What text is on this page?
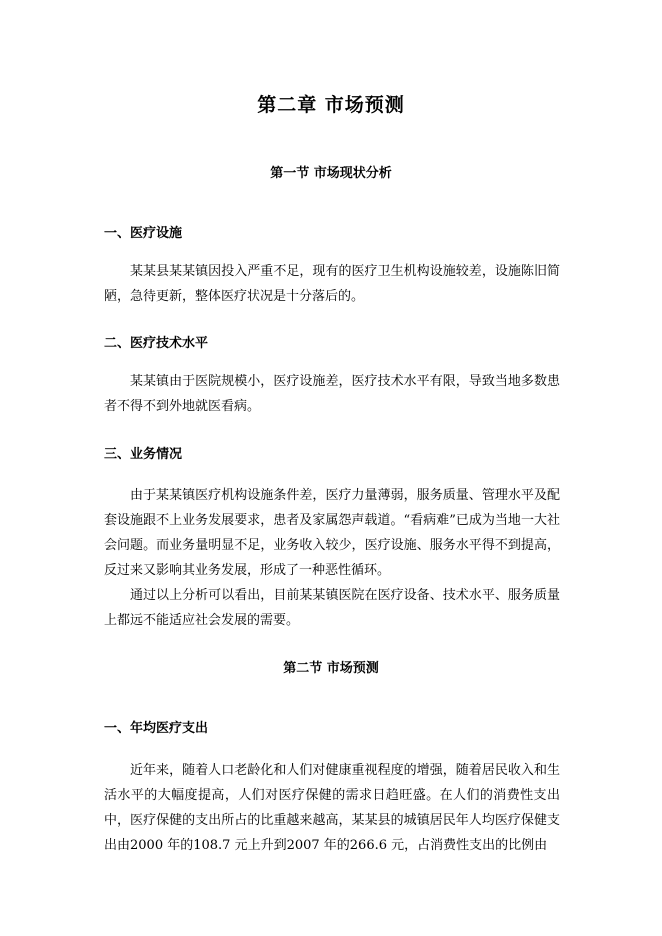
第二章 市场预测
第一节 市场现状分析
一、医疗设施

某某县某某镇因投入严重不足，现有的医疗卫生机构设施较差，设施陈旧简陋，急待更新，整体医疗状况是十分落后的。

二、医疗技术水平

某某镇由于医院规模小，医疗设施差，医疗技术水平有限，导致当地多数患者不得不到外地就医看病。

三、业务情况

由于某某镇医疗机构设施条件差，医疗力量薄弱，服务质量、管理水平及配套设施跟不上业务发展要求，患者及家属怨声载道。“看病难”已成为当地一大社会问题。而业务量明显不足，业务收入较少，医疗设施、服务水平得不到提高，反过来又影响其业务发展，形成了一种恶性循环。

通过以上分析可以看出，目前某某镇医院在医疗设备、技术水平、服务质量上都远不能适应社会发展的需要。

第二节 市场预测
一、年均医疗支出

近年来，随着人口老龄化和人们对健康重视程度的增强，随着居民收入和生活水平的大幅度提高，人们对医疗保健的需求日趋旺盛。在人们的消费性支出中，医疗保健的支出所占的比重越来越高，某某县的城镇居民年人均医疗保健支出由2000 年的108.7 元上升到2007 年的266.6 元，占消费性支出的比例由
